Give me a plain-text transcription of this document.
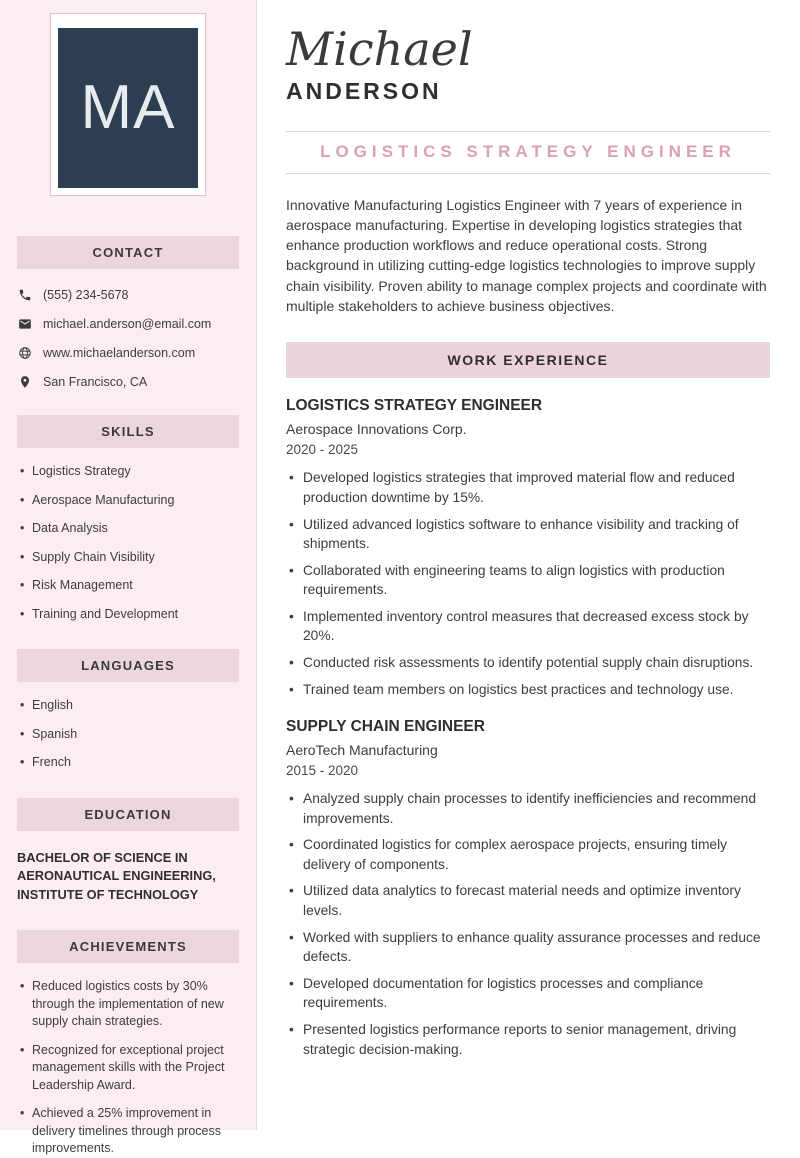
MA
CONTACT
(555) 234-5678
michael.anderson@email.com
www.michaelanderson.com
San Francisco, CA
SKILLS
• Logistics Strategy
• Aerospace Manufacturing
• Data Analysis
• Supply Chain Visibility
• Risk Management
• Training and Development
LANGUAGES
• English
• Spanish
• French
EDUCATION
BACHELOR OF SCIENCE IN AERONAUTICAL ENGINEERING, INSTITUTE OF TECHNOLOGY
ACHIEVEMENTS
• Reduced logistics costs by 30% through the implementation of new supply chain strategies.
• Recognized for exceptional project management skills with the Project Leadership Award.
• Achieved a 25% improvement in delivery timelines through process improvements.
Michael
ANDERSON
LOGISTICS STRATEGY ENGINEER

Innovative Manufacturing Logistics Engineer with 7 years of experience in aerospace manufacturing. Expertise in developing logistics strategies that enhance production workflows and reduce operational costs. Strong background in utilizing cutting-edge logistics technologies to improve supply chain visibility. Proven ability to manage complex projects and coordinate with multiple stakeholders to achieve business objectives.

WORK EXPERIENCE
LOGISTICS STRATEGY ENGINEER
Aerospace Innovations Corp.
2020 - 2025
• Developed logistics strategies that improved material flow and reduced production downtime by 15%.
• Utilized advanced logistics software to enhance visibility and tracking of shipments.
• Collaborated with engineering teams to align logistics with production requirements.
• Implemented inventory control measures that decreased excess stock by 20%.
• Conducted risk assessments to identify potential supply chain disruptions.
• Trained team members on logistics best practices and technology use.
SUPPLY CHAIN ENGINEER
AeroTech Manufacturing
2015 - 2020
• Analyzed supply chain processes to identify inefficiencies and recommend improvements.
• Coordinated logistics for complex aerospace projects, ensuring timely delivery of components.
• Utilized data analytics to forecast material needs and optimize inventory levels.
• Worked with suppliers to enhance quality assurance processes and reduce defects.
• Developed documentation for logistics processes and compliance requirements.
• Presented logistics performance reports to senior management, driving strategic decision-making.
